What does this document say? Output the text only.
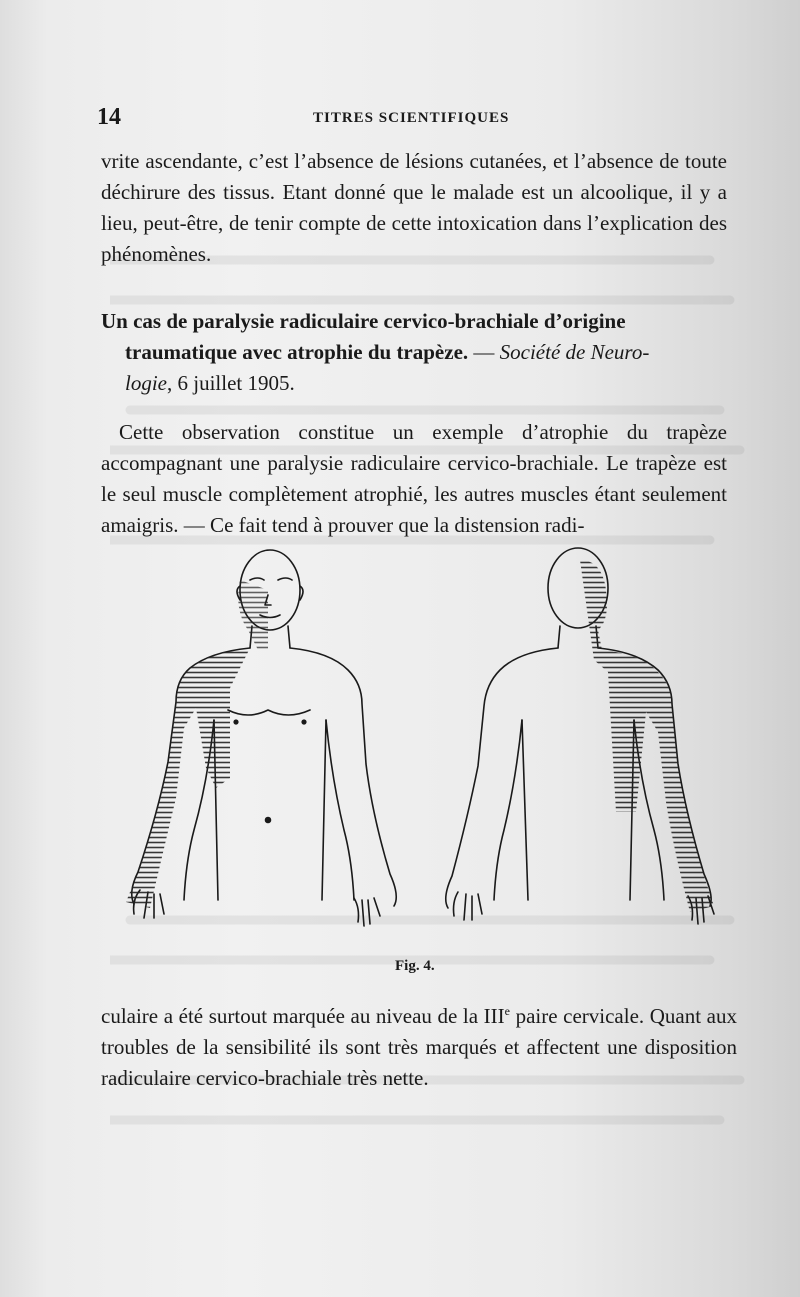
14	TITRES SCIENTIFIQUES

vrite ascendante, c’est l’absence de lésions cutanées, et l’absence de toute déchirure des tissus. Etant donné que le malade est un alcoolique, il y a lieu, peut-être, de tenir compte de cette intoxication dans l’explication des phénomènes.

Un cas de paralysie radiculaire cervico-brachiale d’origine
traumatique avec atrophie du trapèze. — Société de Neuro-
logie, 6 juillet 1905.

Cette observation constitue un exemple d’atrophie du trapèze accompagnant une paralysie radiculaire cervico-brachiale. Le trapèze est le seul muscle complètement atrophié, les autres muscles étant seulement amaigris. — Ce fait tend à prouver que la distension radi-

Fig. 4.

culaire a été surtout marquée au niveau de la IIIe paire cervicale. Quant aux troubles de la sensibilité ils sont très marqués et affectent une disposition radiculaire cervico-brachiale très nette.
